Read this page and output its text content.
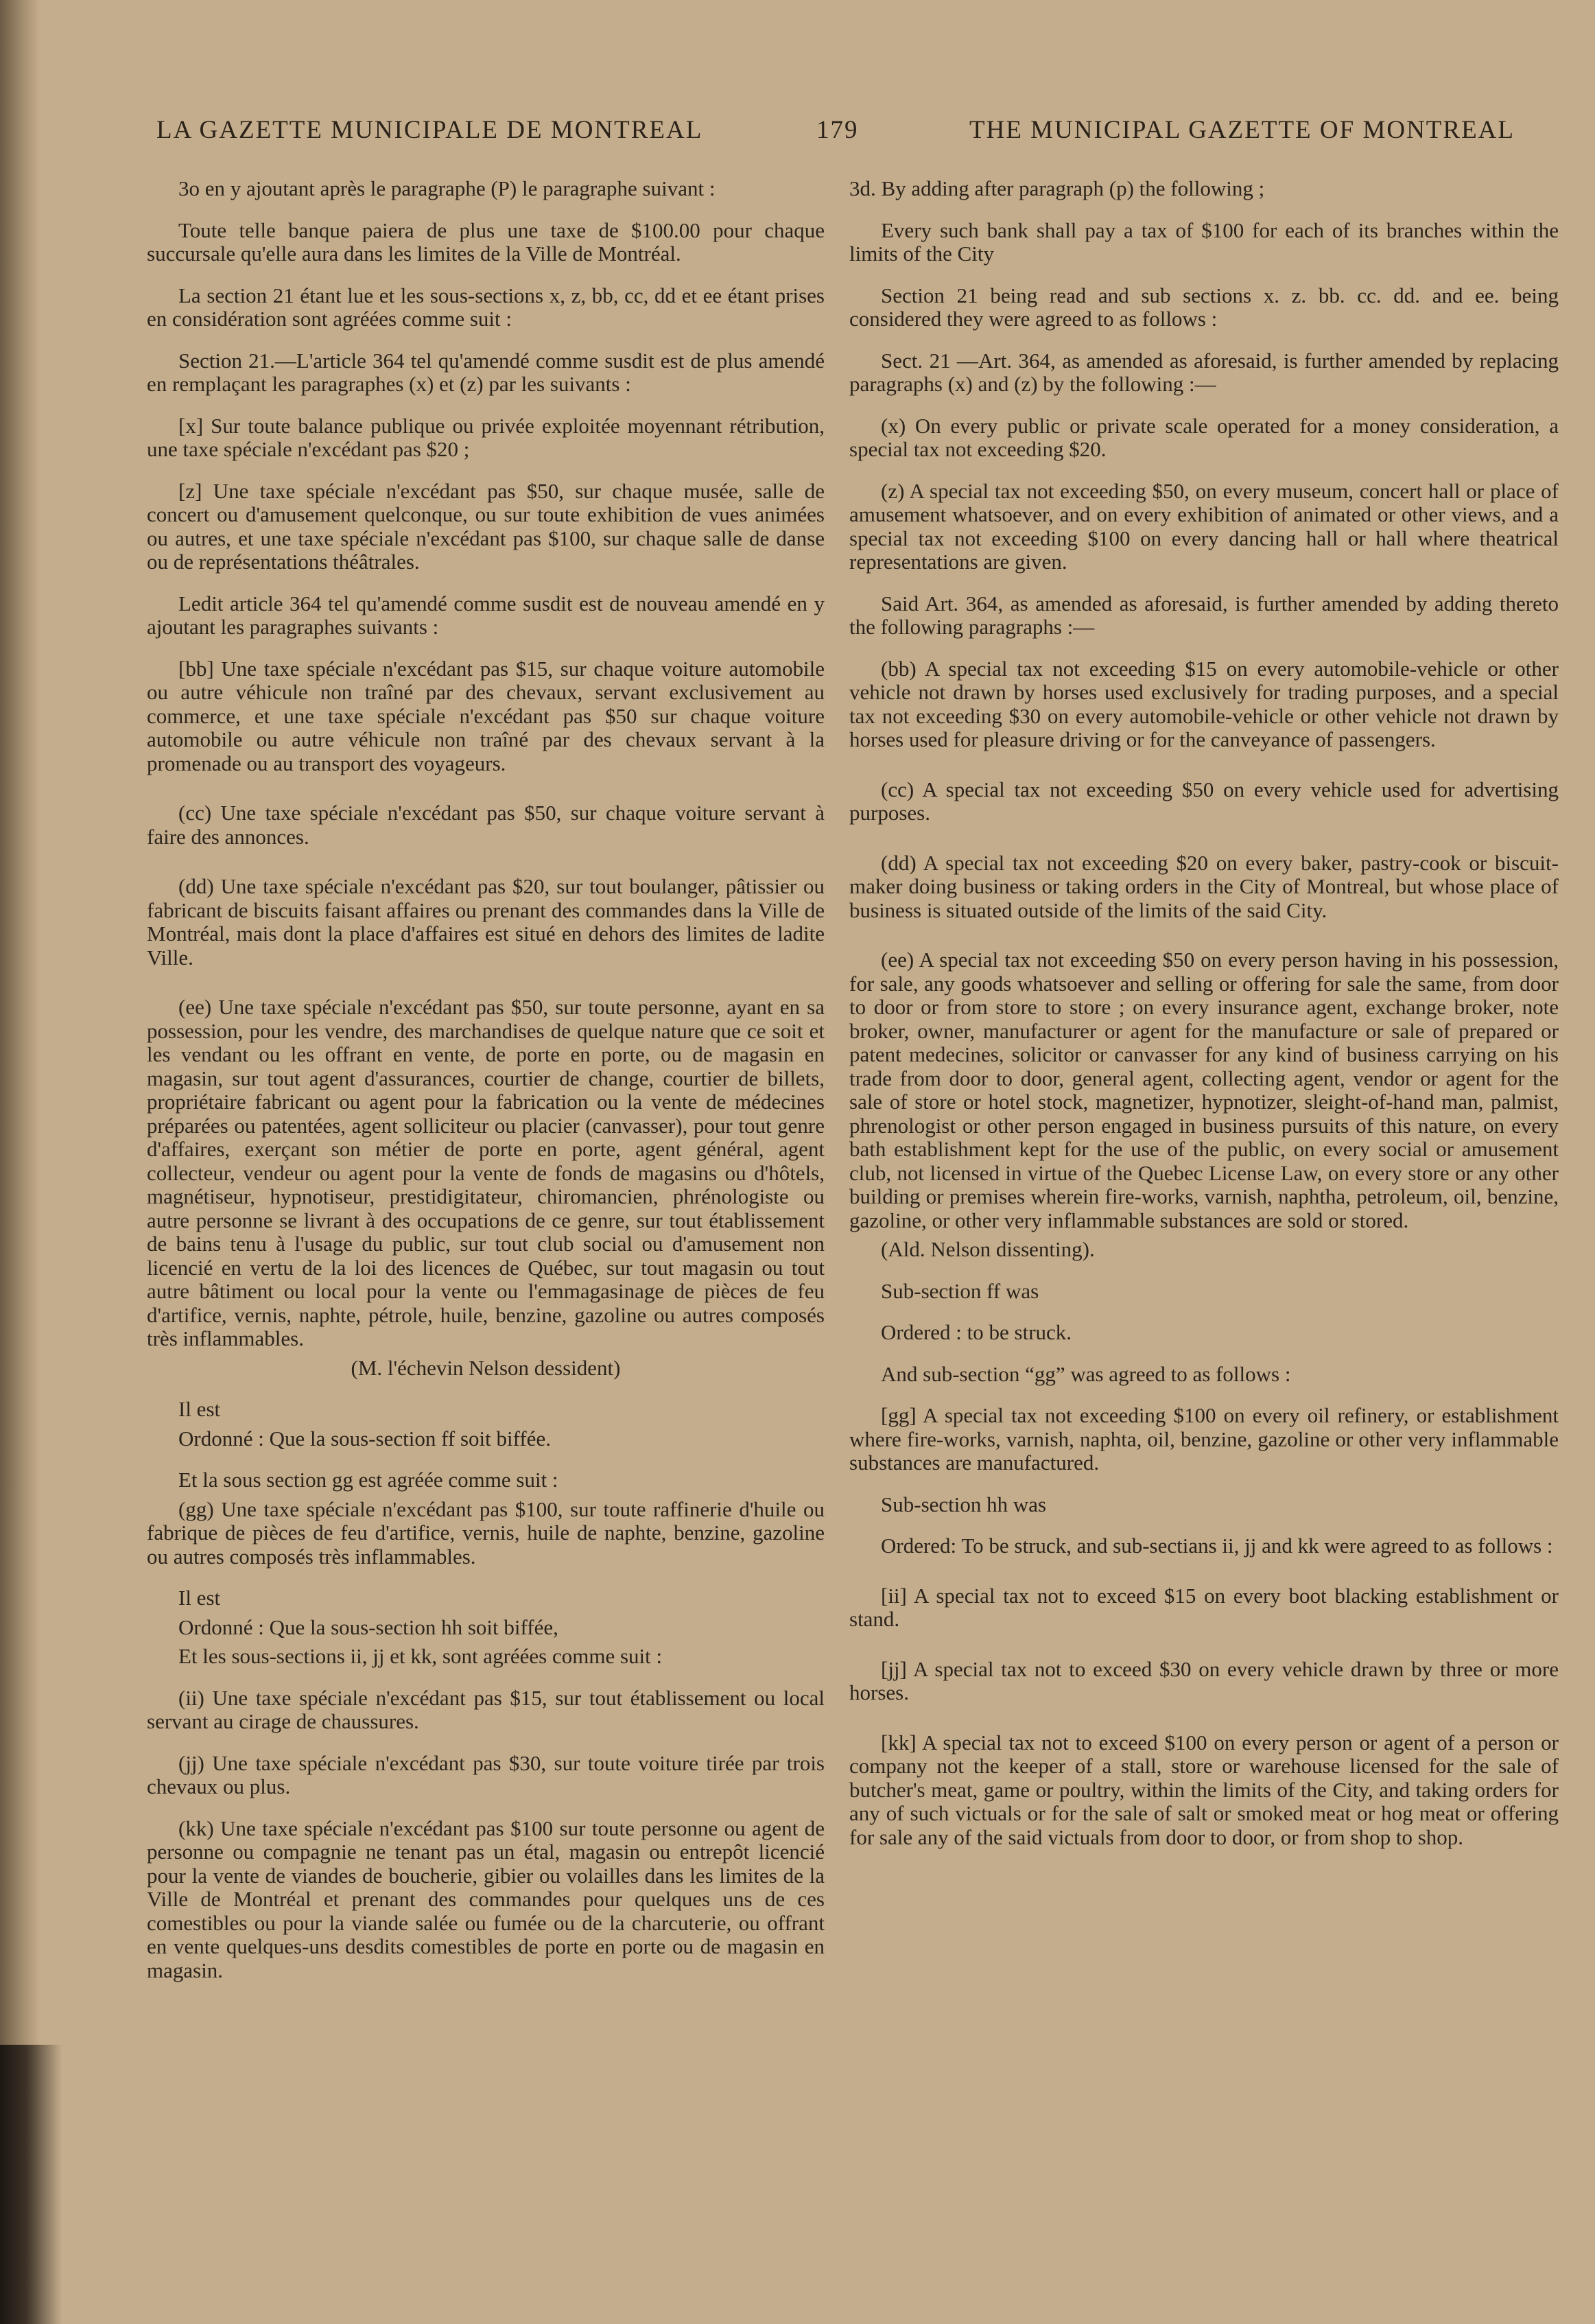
LA GAZETTE MUNICIPALE DE MONTREAL	179	THE MUNICIPAL GAZETTE OF MONTREAL

3o en y ajoutant après le paragraphe (P) le paragraphe suivant :

Toute telle banque paiera de plus une taxe de $100.00 pour chaque succursale qu'elle aura dans les limites de la Ville de Montréal.

La section 21 étant lue et les sous-sections x, z, bb, cc, dd et ee étant prises en considération sont agréées comme suit :

Section 21.—L'article 364 tel qu'amendé comme susdit est de plus amendé en remplaçant les paragraphes (x) et (z) par les suivants :

[x] Sur toute balance publique ou privée exploitée moyennant rétribution, une taxe spéciale n'excédant pas $20 ;

[z] Une taxe spéciale n'excédant pas $50, sur chaque musée, salle de concert ou d'amusement quelconque, ou sur toute exhibition de vues animées ou autres, et une taxe spéciale n'excédant pas $100, sur chaque salle de danse ou de représentations théâtrales.

Ledit article 364 tel qu'amendé comme susdit est de nouveau amendé en y ajoutant les paragraphes suivants :

[bb] Une taxe spéciale n'excédant pas $15, sur chaque voiture automobile ou autre véhicule non traîné par des chevaux, servant exclusivement au commerce, et une taxe spéciale n'excédant pas $50 sur chaque voiture automobile ou autre véhicule non traîné par des chevaux servant à la promenade ou au transport des voyageurs.

(cc) Une taxe spéciale n'excédant pas $50, sur chaque voiture servant à faire des annonces.

(dd) Une taxe spéciale n'excédant pas $20, sur tout boulanger, pâtissier ou fabricant de biscuits faisant affaires ou prenant des commandes dans la Ville de Montréal, mais dont la place d'affaires est situé en dehors des limites de ladite Ville.

(ee) Une taxe spéciale n'excédant pas $50, sur toute personne, ayant en sa possession, pour les vendre, des marchandises de quelque nature que ce soit et les vendant ou les offrant en vente, de porte en porte, ou de magasin en magasin, sur tout agent d'assurances, courtier de change, courtier de billets, propriétaire fabricant ou agent pour la fabrication ou la vente de médecines préparées ou patentées, agent solliciteur ou placier (canvasser), pour tout genre d'affaires, exerçant son métier de porte en porte, agent général, agent collecteur, vendeur ou agent pour la vente de fonds de magasins ou d'hôtels, magnétiseur, hypnotiseur, prestidigitateur, chiromancien, phrénologiste ou autre personne se livrant à des occupations de ce genre, sur tout établissement de bains tenu à l'usage du public, sur tout club social ou d'amusement non licencié en vertu de la loi des licences de Québec, sur tout magasin ou tout autre bâtiment ou local pour la vente ou l'emmagasinage de pièces de feu d'artifice, vernis, naphte, pétrole, huile, benzine, gazoline ou autres composés très inflammables.

(M. l'échevin Nelson dessident)

Il est

Ordonné : Que la sous-section ff soit biffée.

Et la sous section gg est agréée comme suit :

(gg) Une taxe spéciale n'excédant pas $100, sur toute raffinerie d'huile ou fabrique de pièces de feu d'artifice, vernis, huile de naphte, benzine, gazoline ou autres composés très inflammables.

Il est

Ordonné : Que la sous-section hh soit biffée,

Et les sous-sections ii, jj et kk, sont agréées comme suit :

(ii) Une taxe spéciale n'excédant pas $15, sur tout établissement ou local servant au cirage de chaussures.

(jj) Une taxe spéciale n'excédant pas $30, sur toute voiture tirée par trois chevaux ou plus.

(kk) Une taxe spéciale n'excédant pas $100 sur toute personne ou agent de personne ou compagnie ne tenant pas un étal, magasin ou entrepôt licencié pour la vente de viandes de boucherie, gibier ou volailles dans les limites de la Ville de Montréal et prenant des commandes pour quelques uns de ces comestibles ou pour la viande salée ou fumée ou de la charcuterie, ou offrant en vente quelques-uns desdits comestibles de porte en porte ou de magasin en magasin.

3d. By adding after paragraph (p) the following ;

Every such bank shall pay a tax of $100 for each of its branches within the limits of the City

Section 21 being read and sub sections x. z. bb. cc. dd. and ee. being considered they were agreed to as follows :

Sect. 21 —Art. 364, as amended as aforesaid, is further amended by replacing paragraphs (x) and (z) by the following :—

(x) On every public or private scale operated for a money consideration, a special tax not exceeding $20.

(z) A special tax not exceeding $50, on every museum, concert hall or place of amusement whatsoever, and on every exhibition of animated or other views, and a special tax not exceeding $100 on every dancing hall or hall where theatrical representations are given.

Said Art. 364, as amended as aforesaid, is further amended by adding thereto the following paragraphs :—

(bb) A special tax not exceeding $15 on every automobile-vehicle or other vehicle not drawn by horses used exclusively for trading purposes, and a special tax not exceeding $30 on every automobile-vehicle or other vehicle not drawn by horses used for pleasure driving or for the canveyance of passengers.

(cc) A special tax not exceeding $50 on every vehicle used for advertising purposes.

(dd) A special tax not exceeding $20 on every baker, pastry-cook or biscuit-maker doing business or taking orders in the City of Montreal, but whose place of business is situated outside of the limits of the said City.

(ee) A special tax not exceeding $50 on every person having in his possession, for sale, any goods whatsoever and selling or offering for sale the same, from door to door or from store to store ; on every insurance agent, exchange broker, note broker, owner, manufacturer or agent for the manufacture or sale of prepared or patent medecines, solicitor or canvasser for any kind of business carrying on his trade from door to door, general agent, collecting agent, vendor or agent for the sale of store or hotel stock, magnetizer, hypnotizer, sleight-of-hand man, palmist, phrenologist or other person engaged in business pursuits of this nature, on every bath establishment kept for the use of the public, on every social or amusement club, not licensed in virtue of the Quebec License Law, on every store or any other building or premises wherein fire-works, varnish, naphtha, petroleum, oil, benzine, gazoline, or other very inflammable substances are sold or stored.

(Ald. Nelson dissenting).

Sub-section ff was

Ordered : to be struck.

And sub-section “gg” was agreed to as follows :

[gg] A special tax not exceeding $100 on every oil refinery, or establishment where fire-works, varnish, naphta, oil, benzine, gazoline or other very inflammable substances are manufactured.

Sub-section hh was

Ordered: To be struck, and sub-sectians ii, jj and kk were agreed to as follows :

[ii] A special tax not to exceed $15 on every boot blacking establishment or stand.

[jj] A special tax not to exceed $30 on every vehicle drawn by three or more horses.

[kk] A special tax not to exceed $100 on every person or agent of a person or company not the keeper of a stall, store or warehouse licensed for the sale of butcher's meat, game or poultry, within the limits of the City, and taking orders for any of such victuals or for the sale of salt or smoked meat or hog meat or offering for sale any of the said victuals from door to door, or from shop to shop.
